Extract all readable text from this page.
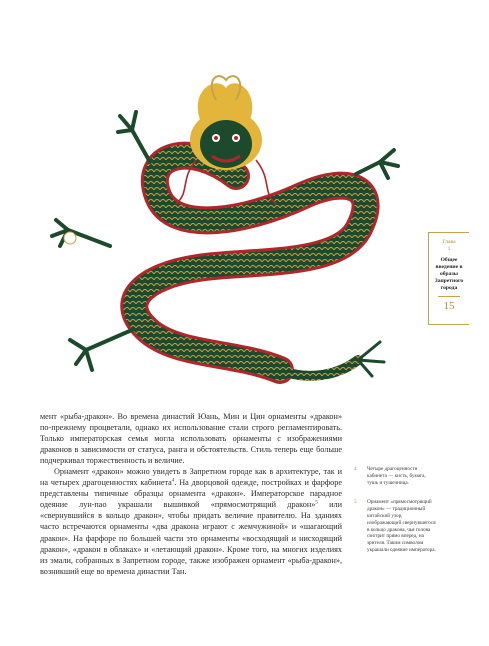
Глава
1
Общее введение в образы Запретного города
15

мент «рыба-дракон». Во времена династий Юань, Мин и Цин орнаменты «дракон» по-прежнему процветали, однако их использование стали строго регламентировать. Только императорская семья могла использовать орнаменты с изображениями драконов в зависимости от статуса, ранга и обстоятельств. Стиль теперь еще больше подчеркивал торжественность и величие.

Орнамент «дракон» можно увидеть в Запретном городе как в архитектуре, так и на четырех драгоценностях кабинета$^4$. На дворцовой одежде, постройках и фарфоре представлены типичные образцы орнамента «дракон». Императорское парадное одеяние лун-пао украшали вышивкой «прямосмотрящий дракон»$^5$ или «свернувшийся в кольцо дракон», чтобы придать величие правителю. На зданиях часто встречаются орнаменты «два дракона играют с жемчужиной» и «шагающий дракон». На фарфоре по большей части это орнаменты «восходящий и нисходящий дракон», «дракон в облаках» и «летающий дракон». Кроме того, на многих изделиях из эмали, собранных в Запретном городе, также изображен орнамент «рыба-дракон», возникший еще во времена династии Тан.

4 Четыре драгоценности кабинета — кисть, бумага, тушь и тушечница.
5 Орнамент «прямосмотрящий дракон» — традиционный китайский узор, изображающий свернувшегося в кольцо дракона, чья голова смотрит прямо вперед, на зрителя. Таким символом украшали одеяние императора.
